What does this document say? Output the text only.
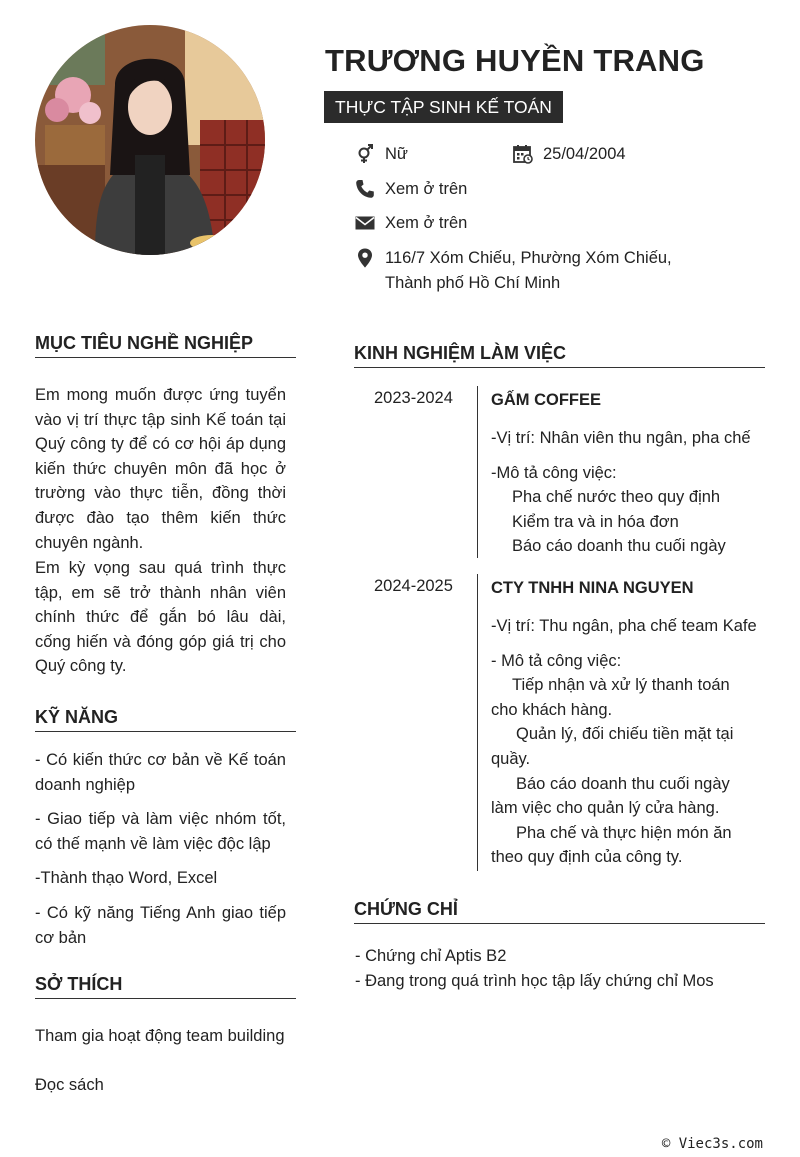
TRƯƠNG HUYỀN TRANG
THỰC TẬP SINH KẾ TOÁN
Nữ	25/04/2004
Xem ở trên
Xem ở trên
116/7 Xóm Chiếu, Phường Xóm Chiếu,
Thành phố Hồ Chí Minh
MỤC TIÊU NGHỀ NGHIỆP

Em mong muốn được ứng tuyển vào vị trí thực tập sinh Kế toán tại Quý công ty để có cơ hội áp dụng kiến thức chuyên môn đã học ở trường vào thực tiễn, đồng thời được đào tạo thêm kiến thức chuyên ngành.

Em kỳ vọng sau quá trình thực tập, em sẽ trở thành nhân viên chính thức để gắn bó lâu dài, cống hiến và đóng góp giá trị cho Quý công ty.

KỸ NĂNG

- Có kiến thức cơ bản về Kế toán doanh nghiệp

- Giao tiếp và làm việc nhóm tốt, có thế mạnh về làm việc độc lập

-Thành thạo Word, Excel

- Có kỹ năng Tiếng Anh giao tiếp cơ bản

SỞ THÍCH

Tham gia hoạt động team building

Đọc sách

KINH NGHIỆM LÀM VIỆC
2023-2024 GẤM COFFEE
-Vị trí: Nhân viên thu ngân, pha chế
-Mô tả công việc:
Pha chế nước theo quy định
Kiểm tra và in hóa đơn
Báo cáo doanh thu cuối ngày
2024-2025 CTY TNHH NINA NGUYEN
-Vị trí: Thu ngân, pha chế team Kafe
- Mô tả công việc:
Tiếp nhận và xử lý thanh toán
cho khách hàng.
Quản lý, đối chiếu tiền mặt tại
quầy.
Báo cáo doanh thu cuối ngày
làm việc cho quản lý cửa hàng.
Pha chế và thực hiện món ăn
theo quy định của công ty.
CHỨNG CHỈ
- Chứng chỉ Aptis B2
- Đang trong quá trình học tập lấy chứng chỉ Mos
© Viec3s.com
